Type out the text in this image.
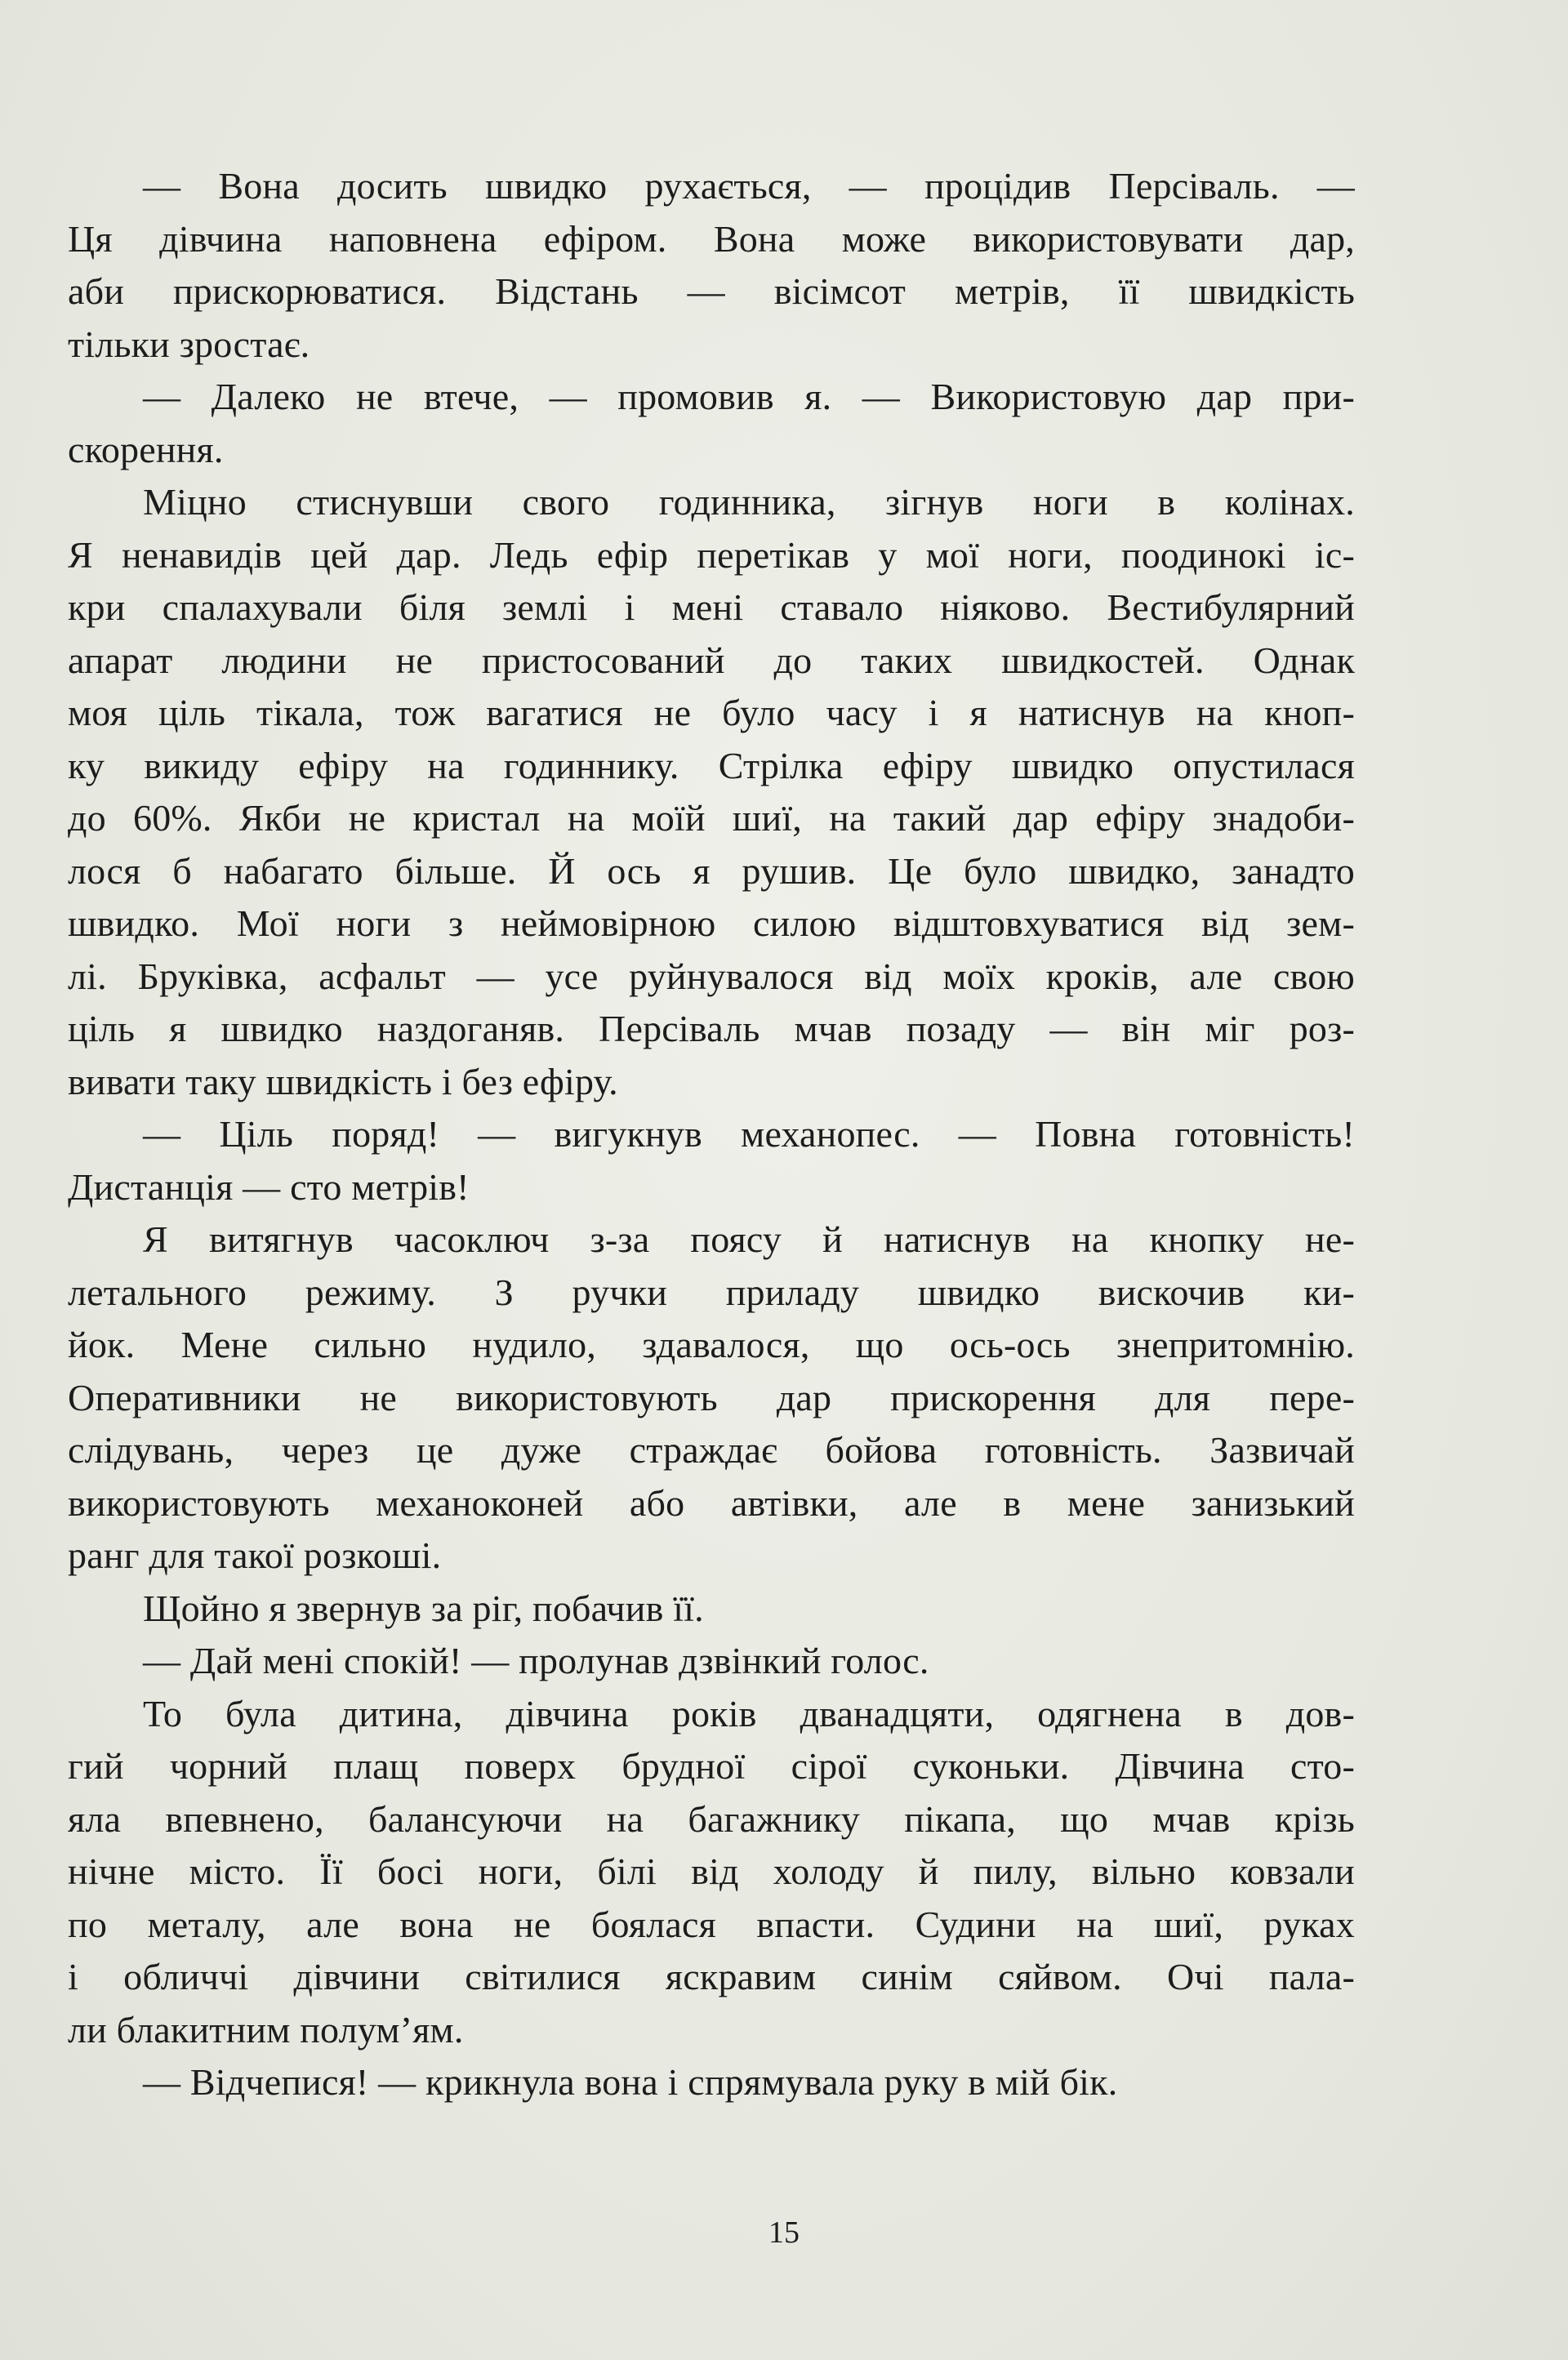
— Вона досить швидко рухається, — процідив Персіваль. —
Ця дівчина наповнена ефіром. Вона може використовувати дар,
аби прискорюватися. Відстань — вісімсот метрів, її швидкість
тільки зростає.
— Далеко не втече, — промовив я. — Використовую дар при-
скорення.
Міцно стиснувши свого годинника, зігнув ноги в колінах.
Я ненавидів цей дар. Ледь ефір перетікав у мої ноги, поодинокі іс-
кри спалахували біля землі і мені ставало ніяково. Вестибулярний
апарат людини не пристосований до таких швидкостей. Однак
моя ціль тікала, тож вагатися не було часу і я натиснув на кноп-
ку викиду ефіру на годиннику. Стрілка ефіру швидко опустилася
до 60%. Якби не кристал на моїй шиї, на такий дар ефіру знадоби-
лося б набагато більше. Й ось я рушив. Це було швидко, занадто
швидко. Мої ноги з неймовірною силою відштовхуватися від зем-
лі. Бруківка, асфальт — усе руйнувалося від моїх кроків, але свою
ціль я швидко наздоганяв. Персіваль мчав позаду — він міг роз-
вивати таку швидкість і без ефіру.
— Ціль поряд! — вигукнув механопес. — Повна готовність!
Дистанція — сто метрів!
Я витягнув часоключ з-за поясу й натиснув на кнопку не-
летального режиму. З ручки приладу швидко вискочив ки-
йок. Мене сильно нудило, здавалося, що ось-ось знепритомнію.
Оперативники не використовують дар прискорення для пере-
слідувань, через це дуже страждає бойова готовність. Зазвичай
використовують механоконей або автівки, але в мене занизький
ранг для такої розкоші.
Щойно я звернув за ріг, побачив її.
— Дай мені спокій! — пролунав дзвінкий голос.
То була дитина, дівчина років дванадцяти, одягнена в дов-
гий чорний плащ поверх брудної сірої суконьки. Дівчина сто-
яла впевнено, балансуючи на багажнику пікапа, що мчав крізь
нічне місто. Її босі ноги, білі від холоду й пилу, вільно ковзали
по металу, але вона не боялася впасти. Судини на шиї, руках
і обличчі дівчини світилися яскравим синім сяйвом. Очі пала-
ли блакитним полум’ям.
— Відчепися! — крикнула вона і спрямувала руку в мій бік.
15
